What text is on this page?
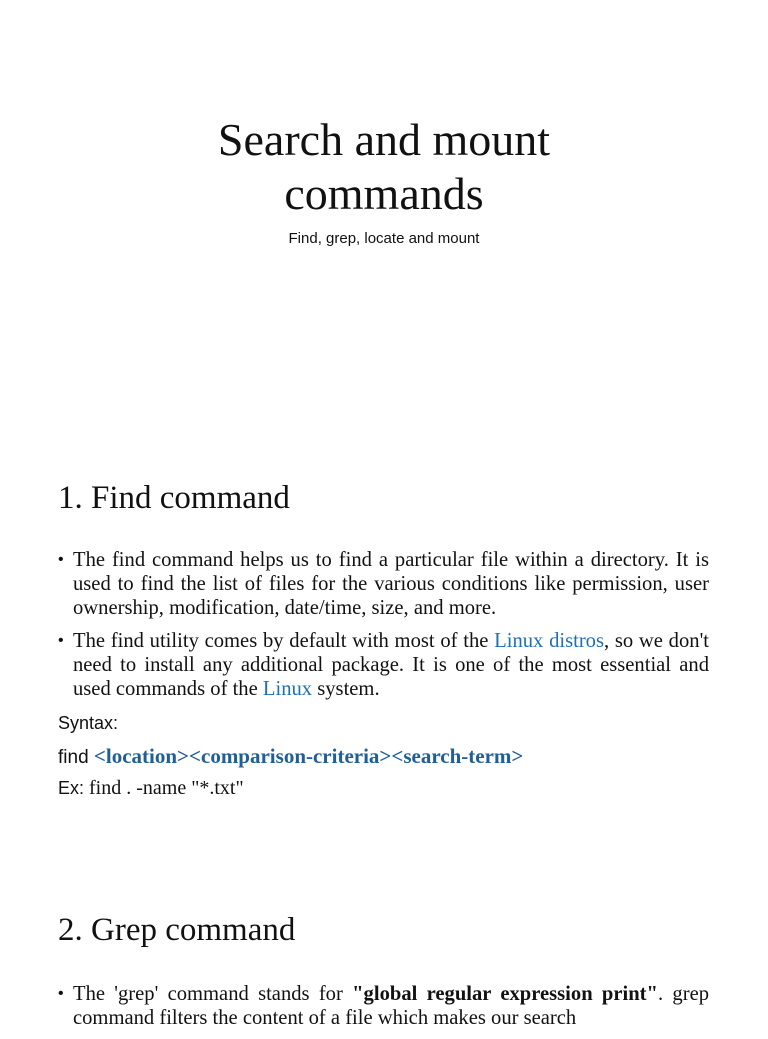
Search and mount
commands

Find, grep, locate and mount

1. Find command
• The find command helps us to find a particular file within a directory. It is used to find the list of files for the various conditions like permission, user ownership, modification, date/time, size, and more.
• The find utility comes by default with most of the Linux distros, so we don't need to install any additional package. It is one of the most essential and used commands of the Linux system.

Syntax:

find <location><comparison-criteria><search-term>

Ex: find . -name "*.txt"

2. Grep command
• The 'grep' command stands for "global regular expression print". grep command filters the content of a file which makes our search
